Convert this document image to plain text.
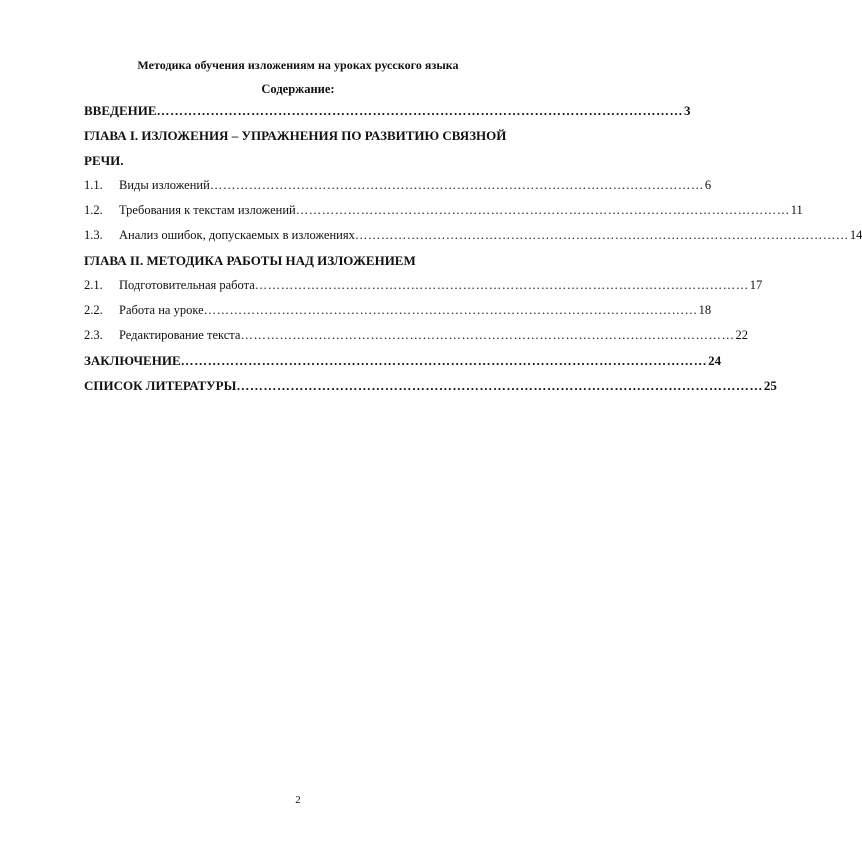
Методика обучения изложениям на уроках русского языка
Содержание:
ВВЕДЕНИЕ ……………………………………………………………………………………………………… 3
ГЛАВА I. ИЗЛОЖЕНИЯ – УПРАЖНЕНИЯ ПО РАЗВИТИЮ СВЯЗНОЙ
РЕЧИ.
1.1.	Виды изложений …………………………………………………………………………………………………… 6
1.2.	Требования к текстам изложений …………………………………………………………………………………………………… 11
1.3.	Анализ ошибок, допускаемых в изложениях …………………………………………………………………………………………………… 14
ГЛАВА II. МЕТОДИКА РАБОТЫ НАД ИЗЛОЖЕНИЕМ
2.1.	Подготовительная работа …………………………………………………………………………………………………… 17
2.2.	Работа на уроке …………………………………………………………………………………………………… 18
2.3.	Редактирование текста …………………………………………………………………………………………………… 22
ЗАКЛЮЧЕНИЕ ……………………………………………………………………………………………………… 24
СПИСОК ЛИТЕРАТУРЫ ……………………………………………………………………………………………………… 25
2
